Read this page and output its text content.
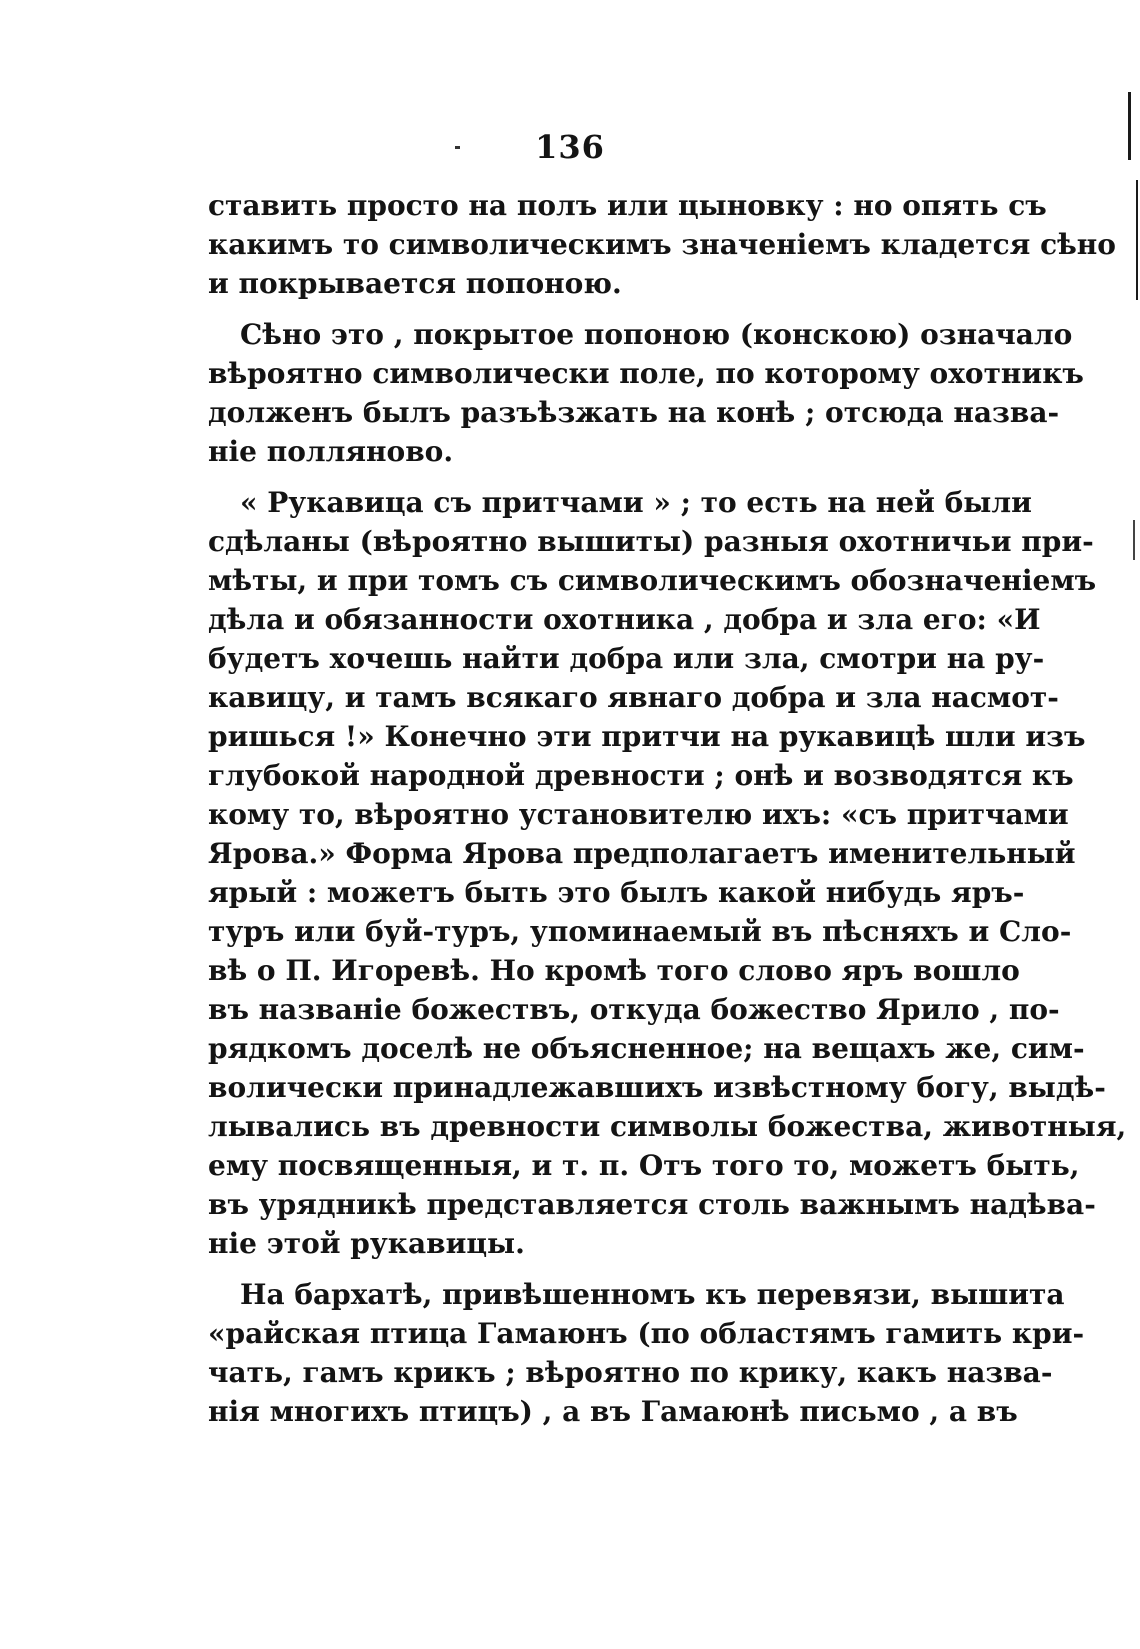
136
ставить просто на полъ или цыновку : но опять съ
какимъ то символическимъ значеніемъ кладется сѣно
и покрывается попоною.
Сѣно это , покрытое попоною (конскою) означало
вѣроятно символически поле, по которому охотникъ
долженъ былъ разъѣзжать на конѣ ; отсюда назва-
ніе полляново.
« Рукавица съ притчами » ; то есть на ней были
сдѣланы (вѣроятно вышиты) разныя охотничьи при-
мѣты, и при томъ съ символическимъ обозначеніемъ
дѣла и обязанности охотника , добра и зла его: «И
будетъ хочешь найти добра или зла, смотри на ру-
кавицу, и тамъ всякаго явнаго добра и зла насмот-
ришься !» Конечно эти притчи на рукавицѣ шли изъ
глубокой народной древности ; онѣ и возводятся къ
кому то, вѣроятно установителю ихъ: «съ притчами
Ярова.» Форма Ярова предполагаетъ именительный
ярый : можетъ быть это былъ какой нибудь яръ-
туръ или буй-туръ, упоминаемый въ пѣсняхъ и Сло-
вѣ о П. Игоревѣ. Но кромѣ того слово яръ вошло
въ названіе божествъ, откуда божество Ярило , по-
рядкомъ доселѣ не объясненное; на вещахъ же, сим-
волически принадлежавшихъ извѣстному богу, выдѣ-
лывались въ древности символы божества, животныя,
ему посвященныя, и т. п. Отъ того то, можетъ быть,
въ урядникѣ представляется столь важнымъ надѣва-
ніе этой рукавицы.
На бархатѣ, привѣшенномъ къ перевязи, вышита
«райская птица Гамаюнъ (по областямъ гамить кри-
чать, гамъ крикъ ; вѣроятно по крику, какъ назва-
нія многихъ птицъ) , а въ Гамаюнѣ письмо , а въ
